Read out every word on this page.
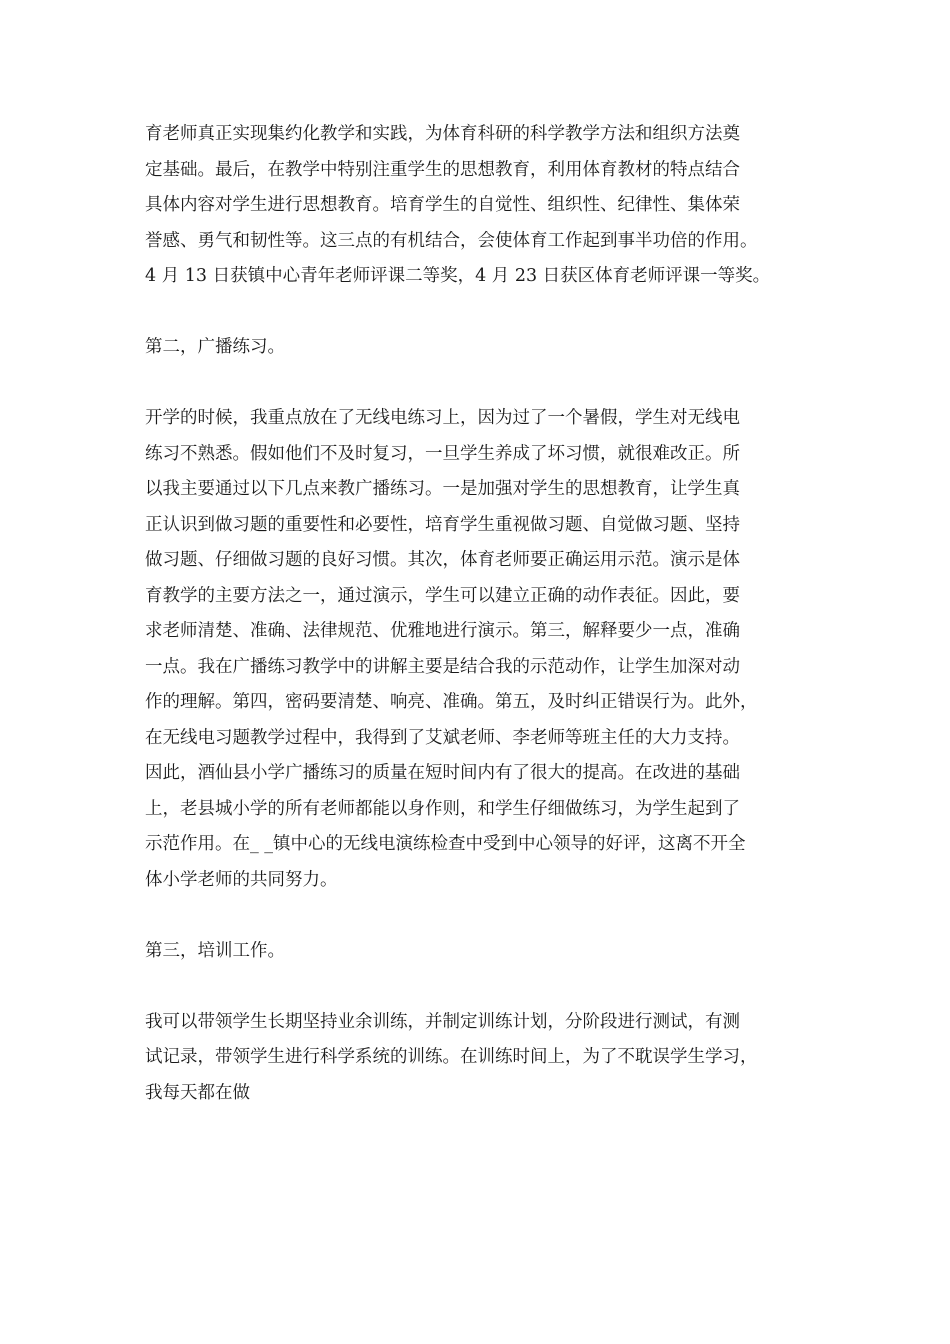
育老师真正实现集约化教学和实践，为体育科研的科学教学方法和组织方法奠
定基础。最后，在教学中特别注重学生的思想教育，利用体育教材的特点结合
具体内容对学生进行思想教育。培育学生的自觉性、组织性、纪律性、集体荣
誉感、勇气和韧性等。这三点的有机结合，会使体育工作起到事半功倍的作用。
4 月 13 日获镇中心青年老师评课二等奖，4 月 23 日获区体育老师评课一等奖。
第二，广播练习。
开学的时候，我重点放在了无线电练习上，因为过了一个暑假，学生对无线电
练习不熟悉。假如他们不及时复习，一旦学生养成了坏习惯，就很难改正。所
以我主要通过以下几点来教广播练习。一是加强对学生的思想教育，让学生真
正认识到做习题的重要性和必要性，培育学生重视做习题、自觉做习题、坚持
做习题、仔细做习题的良好习惯。其次，体育老师要正确运用示范。演示是体
育教学的主要方法之一，通过演示，学生可以建立正确的动作表征。因此，要
求老师清楚、准确、法律规范、优雅地进行演示。第三，解释要少一点，准确
一点。我在广播练习教学中的讲解主要是结合我的示范动作，让学生加深对动
作的理解。第四，密码要清楚、响亮、准确。第五，及时纠正错误行为。此外，
在无线电习题教学过程中，我得到了艾斌老师、李老师等班主任的大力支持。
因此，酒仙县小学广播练习的质量在短时间内有了很大的提高。在改进的基础
上，老县城小学的所有老师都能以身作则，和学生仔细做练习，为学生起到了
示范作用。在_ _镇中心的无线电演练检查中受到中心领导的好评，这离不开全
体小学老师的共同努力。
第三，培训工作。
我可以带领学生长期坚持业余训练，并制定训练计划，分阶段进行测试，有测
试记录，带领学生进行科学系统的训练。在训练时间上，为了不耽误学生学习，
我每天都在做
